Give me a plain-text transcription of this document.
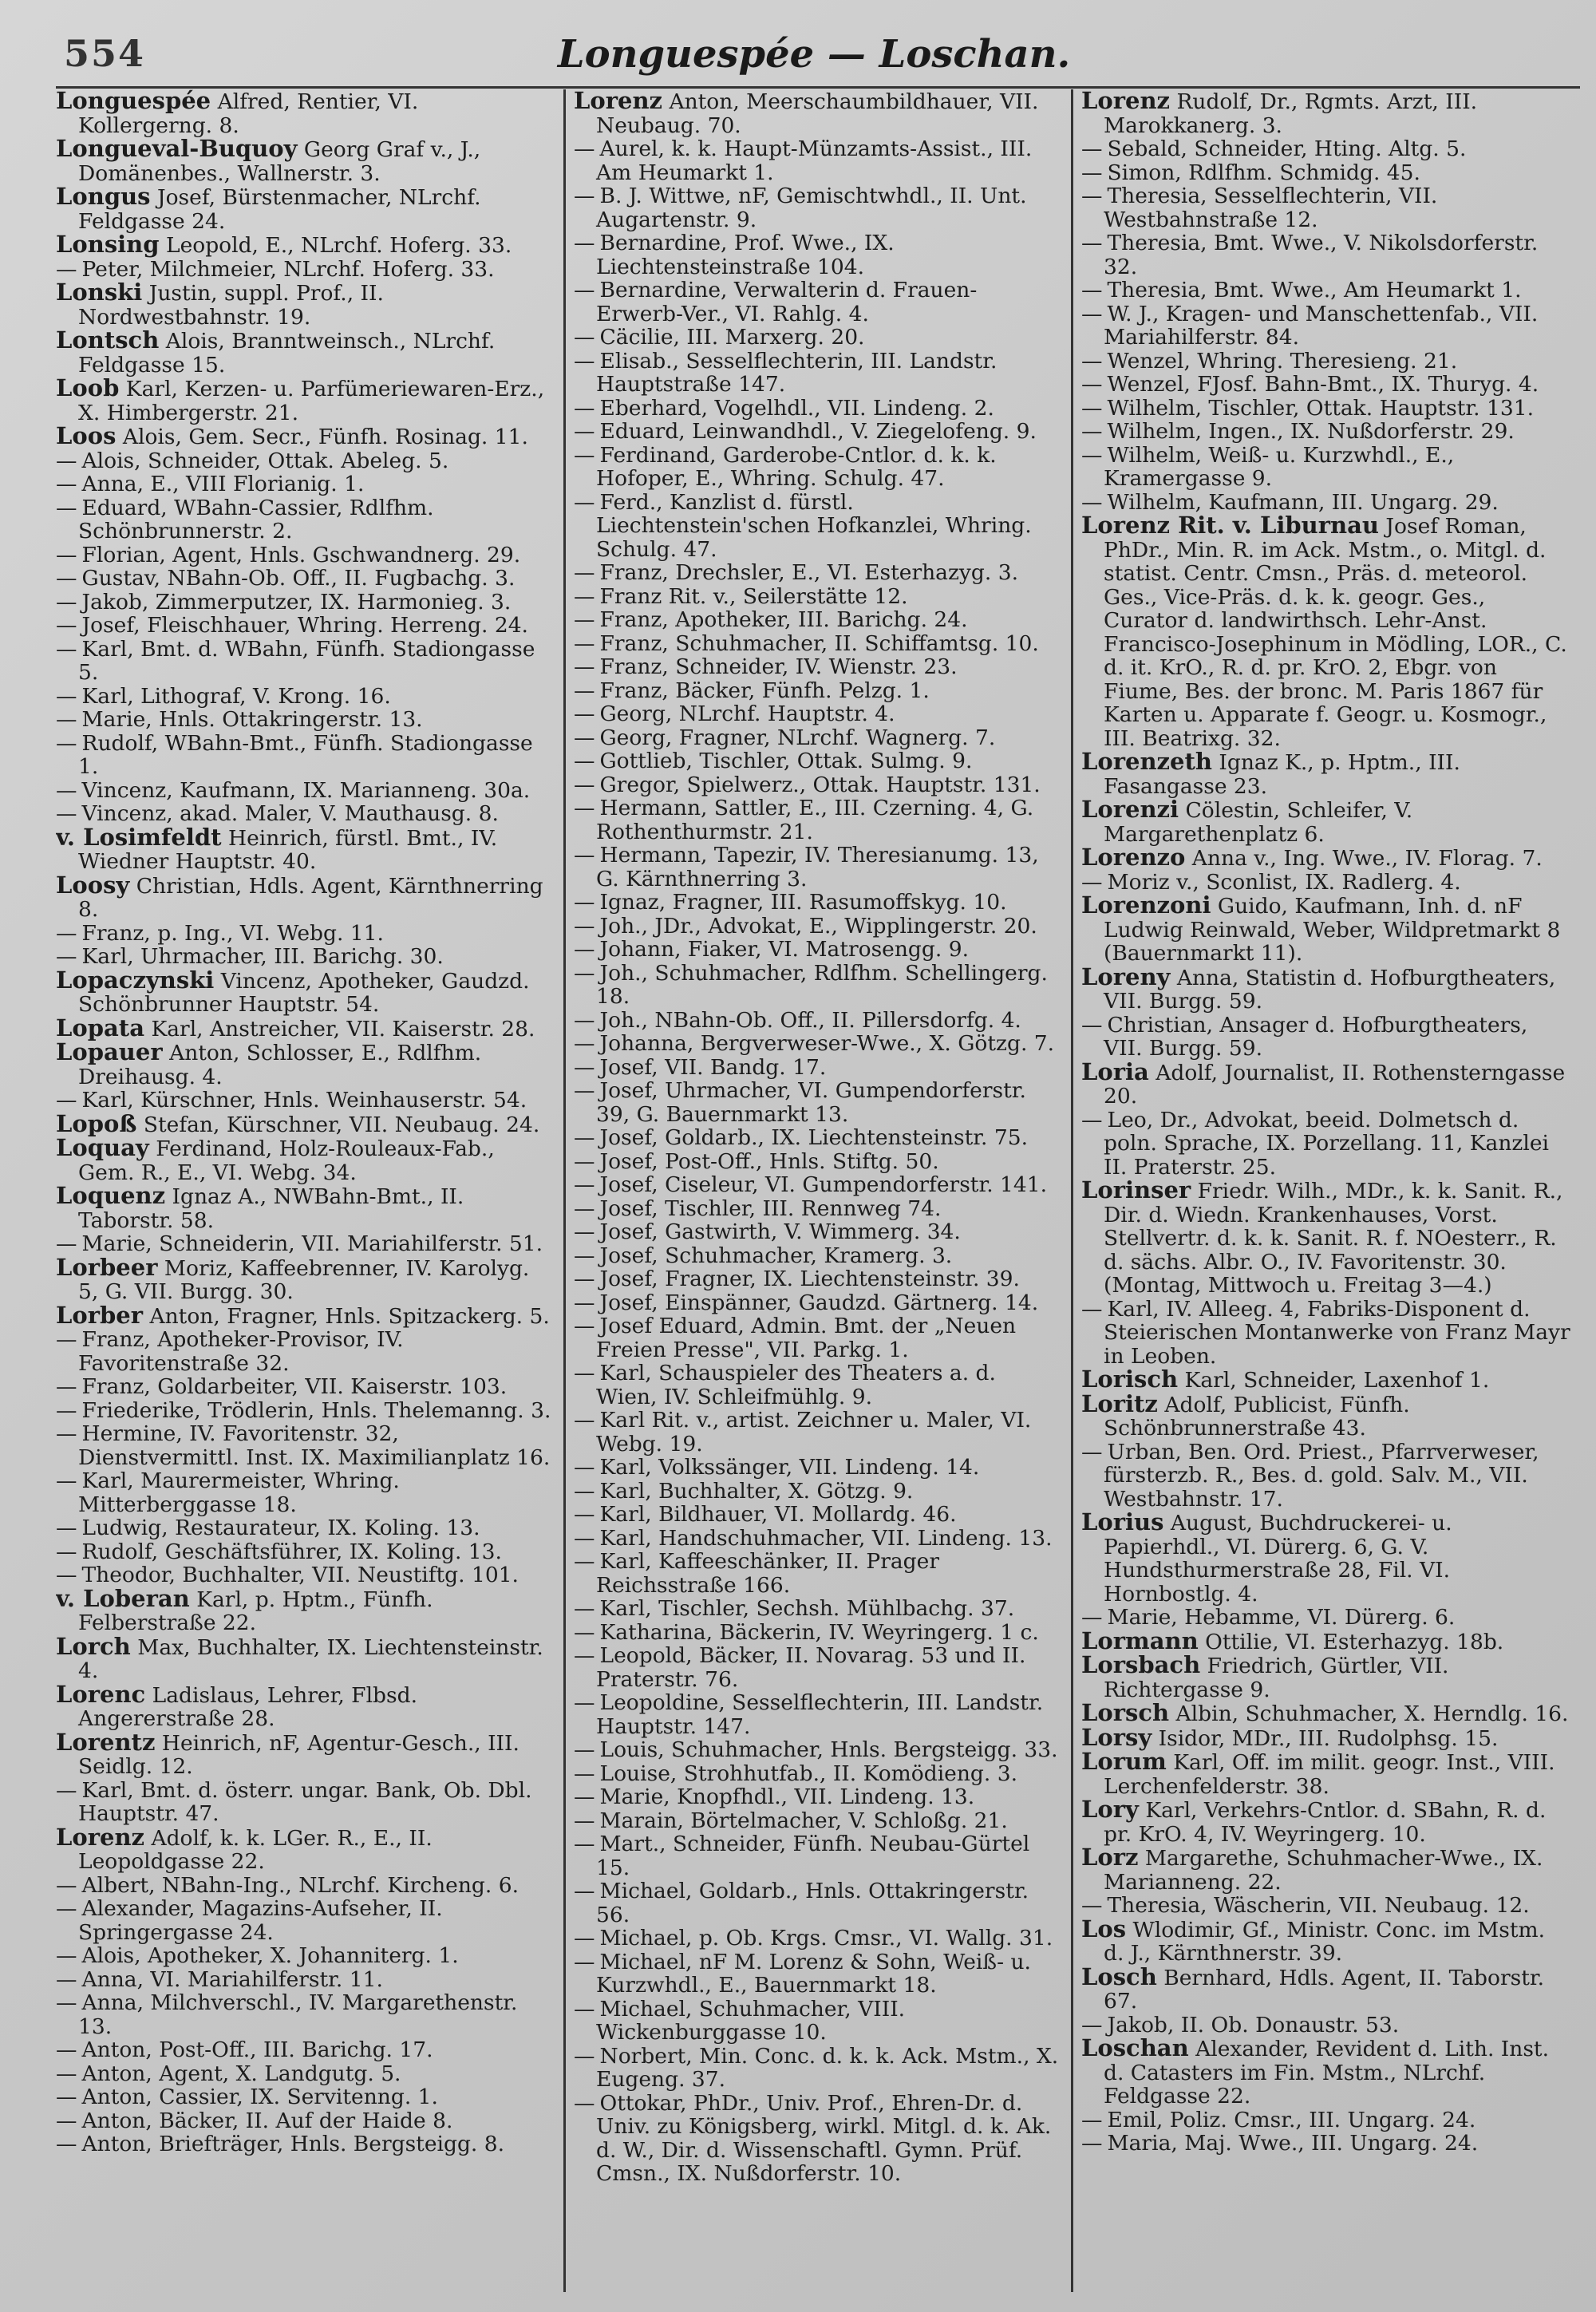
554	Longuespée — Loschan.

Longuespée Alfred, Rentier, VI. Kollergerng. 8.

Longueval-Buquoy Georg Graf v., J., Domänenbes., Wallnerstr. 3.

Longus Josef, Bürstenmacher, NLrchf. Feldgasse 24.

Lonsing Leopold, E., NLrchf. Hoferg. 33.

— Peter, Milchmeier, NLrchf. Hoferg. 33.

Lonski Justin, suppl. Prof., II. Nordwestbahnstr. 19.

Lontsch Alois, Branntweinsch., NLrchf. Feldgasse 15.

Loob Karl, Kerzen- u. Parfümeriewaren-Erz., X. Himbergerstr. 21.

Loos Alois, Gem. Secr., Fünfh. Rosinag. 11.

— Alois, Schneider, Ottak. Abeleg. 5.

— Anna, E., VIII Florianig. 1.

— Eduard, WBahn-Cassier, Rdlfhm. Schönbrunnerstr. 2.

— Florian, Agent, Hnls. Gschwandnerg. 29.

— Gustav, NBahn-Ob. Off., II. Fugbachg. 3.

— Jakob, Zimmerputzer, IX. Harmonieg. 3.

— Josef, Fleischhauer, Whring. Herreng. 24.

— Karl, Bmt. d. WBahn, Fünfh. Stadiongasse 5.

— Karl, Lithograf, V. Krong. 16.

— Marie, Hnls. Ottakringerstr. 13.

— Rudolf, WBahn-Bmt., Fünfh. Stadiongasse 1.

— Vincenz, Kaufmann, IX. Marianneng. 30a.

— Vincenz, akad. Maler, V. Mauthausg. 8.

v. Losimfeldt Heinrich, fürstl. Bmt., IV. Wiedner Hauptstr. 40.

Loosy Christian, Hdls. Agent, Kärnthnerring 8.

— Franz, p. Ing., VI. Webg. 11.

— Karl, Uhrmacher, III. Barichg. 30.

Lopaczynski Vincenz, Apotheker, Gaudzd. Schönbrunner Hauptstr. 54.

Lopata Karl, Anstreicher, VII. Kaiserstr. 28.

Lopauer Anton, Schlosser, E., Rdlfhm. Dreihausg. 4.

— Karl, Kürschner, Hnls. Weinhauserstr. 54.

Lopoß Stefan, Kürschner, VII. Neubaug. 24.

Loquay Ferdinand, Holz-Rouleaux-Fab., Gem. R., E., VI. Webg. 34.

Loquenz Ignaz A., NWBahn-Bmt., II. Taborstr. 58.

— Marie, Schneiderin, VII. Mariahilferstr. 51.

Lorbeer Moriz, Kaffeebrenner, IV. Karolyg. 5, G. VII. Burgg. 30.

Lorber Anton, Fragner, Hnls. Spitzackerg. 5.

— Franz, Apotheker-Provisor, IV. Favoritenstraße 32.

— Franz, Goldarbeiter, VII. Kaiserstr. 103.

— Friederike, Trödlerin, Hnls. Thelemanng. 3.

— Hermine, IV. Favoritenstr. 32, Dienstvermittl. Inst. IX. Maximilianplatz 16.

— Karl, Maurermeister, Whring. Mitterberggasse 18.

— Ludwig, Restaurateur, IX. Koling. 13.

— Rudolf, Geschäftsführer, IX. Koling. 13.

— Theodor, Buchhalter, VII. Neustiftg. 101.

v. Loberan Karl, p. Hptm., Fünfh. Felberstraße 22.

Lorch Max, Buchhalter, IX. Liechtensteinstr. 4.

Lorenc Ladislaus, Lehrer, Flbsd. Angererstraße 28.

Lorentz Heinrich, nF, Agentur-Gesch., III. Seidlg. 12.

— Karl, Bmt. d. österr. ungar. Bank, Ob. Dbl. Hauptstr. 47.

Lorenz Adolf, k. k. LGer. R., E., II. Leopoldgasse 22.

— Albert, NBahn-Ing., NLrchf. Kircheng. 6.

— Alexander, Magazins-Aufseher, II. Springergasse 24.

— Alois, Apotheker, X. Johanniterg. 1.

— Anna, VI. Mariahilferstr. 11.

— Anna, Milchverschl., IV. Margarethenstr. 13.

— Anton, Post-Off., III. Barichg. 17.

— Anton, Agent, X. Landgutg. 5.

— Anton, Cassier, IX. Servitenng. 1.

— Anton, Bäcker, II. Auf der Haide 8.

— Anton, Briefträger, Hnls. Bergsteigg. 8.

Lorenz Anton, Meerschaumbildhauer, VII. Neubaug. 70.

— Aurel, k. k. Haupt-Münzamts-Assist., III. Am Heumarkt 1.

— B. J. Wittwe, nF, Gemischtwhdl., II. Unt. Augartenstr. 9.

— Bernardine, Prof. Wwe., IX. Liechtensteinstraße 104.

— Bernardine, Verwalterin d. Frauen-Erwerb-Ver., VI. Rahlg. 4.

— Cäcilie, III. Marxerg. 20.

— Elisab., Sesselflechterin, III. Landstr. Hauptstraße 147.

— Eberhard, Vogelhdl., VII. Lindeng. 2.

— Eduard, Leinwandhdl., V. Ziegelofeng. 9.

— Ferdinand, Garderobe-Cntlor. d. k. k. Hofoper, E., Whring. Schulg. 47.

— Ferd., Kanzlist d. fürstl. Liechtenstein'schen Hofkanzlei, Whring. Schulg. 47.

— Franz, Drechsler, E., VI. Esterhazyg. 3.

— Franz Rit. v., Seilerstätte 12.

— Franz, Apotheker, III. Barichg. 24.

— Franz, Schuhmacher, II. Schiffamtsg. 10.

— Franz, Schneider, IV. Wienstr. 23.

— Franz, Bäcker, Fünfh. Pelzg. 1.

— Georg, NLrchf. Hauptstr. 4.

— Georg, Fragner, NLrchf. Wagnerg. 7.

— Gottlieb, Tischler, Ottak. Sulmg. 9.

— Gregor, Spielwerz., Ottak. Hauptstr. 131.

— Hermann, Sattler, E., III. Czerning. 4, G. Rothenthurmstr. 21.

— Hermann, Tapezir, IV. Theresianumg. 13, G. Kärnthnerring 3.

— Ignaz, Fragner, III. Rasumoffskyg. 10.

— Joh., JDr., Advokat, E., Wipplingerstr. 20.

— Johann, Fiaker, VI. Matrosengg. 9.

— Joh., Schuhmacher, Rdlfhm. Schellingerg. 18.

— Joh., NBahn-Ob. Off., II. Pillersdorfg. 4.

— Johanna, Bergverweser-Wwe., X. Götzg. 7.

— Josef, VII. Bandg. 17.

— Josef, Uhrmacher, VI. Gumpendorferstr. 39, G. Bauernmarkt 13.

— Josef, Goldarb., IX. Liechtensteinstr. 75.

— Josef, Post-Off., Hnls. Stiftg. 50.

— Josef, Ciseleur, VI. Gumpendorferstr. 141.

— Josef, Tischler, III. Rennweg 74.

— Josef, Gastwirth, V. Wimmerg. 34.

— Josef, Schuhmacher, Kramerg. 3.

— Josef, Fragner, IX. Liechtensteinstr. 39.

— Josef, Einspänner, Gaudzd. Gärtnerg. 14.

— Josef Eduard, Admin. Bmt. der „Neuen Freien Presse", VII. Parkg. 1.

— Karl, Schauspieler des Theaters a. d. Wien, IV. Schleifmühlg. 9.

— Karl Rit. v., artist. Zeichner u. Maler, VI. Webg. 19.

— Karl, Volkssänger, VII. Lindeng. 14.

— Karl, Buchhalter, X. Götzg. 9.

— Karl, Bildhauer, VI. Mollardg. 46.

— Karl, Handschuhmacher, VII. Lindeng. 13.

— Karl, Kaffeeschänker, II. Prager Reichsstraße 166.

— Karl, Tischler, Sechsh. Mühlbachg. 37.

— Katharina, Bäckerin, IV. Weyringerg. 1 c.

— Leopold, Bäcker, II. Novarag. 53 und II. Praterstr. 76.

— Leopoldine, Sesselflechterin, III. Landstr. Hauptstr. 147.

— Louis, Schuhmacher, Hnls. Bergsteigg. 33.

— Louise, Strohhutfab., II. Komödieng. 3.

— Marie, Knopfhdl., VII. Lindeng. 13.

— Marain, Börtelmacher, V. Schloßg. 21.

— Mart., Schneider, Fünfh. Neubau-Gürtel 15.

— Michael, Goldarb., Hnls. Ottakringerstr. 56.

— Michael, p. Ob. Krgs. Cmsr., VI. Wallg. 31.

— Michael, nF M. Lorenz & Sohn, Weiß- u. Kurzwhdl., E., Bauernmarkt 18.

— Michael, Schuhmacher, VIII. Wickenburggasse 10.

— Norbert, Min. Conc. d. k. k. Ack. Mstm., X. Eugeng. 37.

— Ottokar, PhDr., Univ. Prof., Ehren-Dr. d. Univ. zu Königsberg, wirkl. Mitgl. d. k. Ak. d. W., Dir. d. Wissenschaftl. Gymn. Prüf. Cmsn., IX. Nußdorferstr. 10.

Lorenz Rudolf, Dr., Rgmts. Arzt, III. Marokkanerg. 3.

— Sebald, Schneider, Hting. Altg. 5.

— Simon, Rdlfhm. Schmidg. 45.

— Theresia, Sesselflechterin, VII. Westbahnstraße 12.

— Theresia, Bmt. Wwe., V. Nikolsdorferstr. 32.

— Theresia, Bmt. Wwe., Am Heumarkt 1.

— W. J., Kragen- und Manschettenfab., VII. Mariahilferstr. 84.

— Wenzel, Whring. Theresieng. 21.

— Wenzel, FJosf. Bahn-Bmt., IX. Thuryg. 4.

— Wilhelm, Tischler, Ottak. Hauptstr. 131.

— Wilhelm, Ingen., IX. Nußdorferstr. 29.

— Wilhelm, Weiß- u. Kurzwhdl., E., Kramergasse 9.

— Wilhelm, Kaufmann, III. Ungarg. 29.

Lorenz Rit. v. Liburnau Josef Roman, PhDr., Min. R. im Ack. Mstm., o. Mitgl. d. statist. Centr. Cmsn., Präs. d. meteorol. Ges., Vice-Präs. d. k. k. geogr. Ges., Curator d. landwirthsch. Lehr-Anst. Francisco-Josephinum in Mödling, LOR., C. d. it. KrO., R. d. pr. KrO. 2, Ebgr. von Fiume, Bes. der bronc. M. Paris 1867 für Karten u. Apparate f. Geogr. u. Kosmogr., III. Beatrixg. 32.

Lorenzeth Ignaz K., p. Hptm., III. Fasangasse 23.

Lorenzi Cölestin, Schleifer, V. Margarethenplatz 6.

Lorenzo Anna v., Ing. Wwe., IV. Florag. 7.

— Moriz v., Sconlist, IX. Radlerg. 4.

Lorenzoni Guido, Kaufmann, Inh. d. nF Ludwig Reinwald, Weber, Wildpretmarkt 8 (Bauernmarkt 11).

Loreny Anna, Statistin d. Hofburgtheaters, VII. Burgg. 59.

— Christian, Ansager d. Hofburgtheaters, VII. Burgg. 59.

Loria Adolf, Journalist, II. Rothensterngasse 20.

— Leo, Dr., Advokat, beeid. Dolmetsch d. poln. Sprache, IX. Porzellang. 11, Kanzlei II. Praterstr. 25.

Lorinser Friedr. Wilh., MDr., k. k. Sanit. R., Dir. d. Wiedn. Krankenhauses, Vorst. Stellvertr. d. k. k. Sanit. R. f. NOesterr., R. d. sächs. Albr. O., IV. Favoritenstr. 30. (Montag, Mittwoch u. Freitag 3—4.)

— Karl, IV. Alleeg. 4, Fabriks-Disponent d. Steierischen Montanwerke von Franz Mayr in Leoben.

Lorisch Karl, Schneider, Laxenhof 1.

Loritz Adolf, Publicist, Fünfh. Schönbrunnerstraße 43.

— Urban, Ben. Ord. Priest., Pfarrverweser, fürsterzb. R., Bes. d. gold. Salv. M., VII. Westbahnstr. 17.

Lorius August, Buchdruckerei- u. Papierhdl., VI. Dürerg. 6, G. V. Hundsthurmerstraße 28, Fil. VI. Hornbostlg. 4.

— Marie, Hebamme, VI. Dürerg. 6.

Lormann Ottilie, VI. Esterhazyg. 18b.

Lorsbach Friedrich, Gürtler, VII. Richtergasse 9.

Lorsch Albin, Schuhmacher, X. Herndlg. 16.

Lorsy Isidor, MDr., III. Rudolphsg. 15.

Lorum Karl, Off. im milit. geogr. Inst., VIII. Lerchenfelderstr. 38.

Lory Karl, Verkehrs-Cntlor. d. SBahn, R. d. pr. KrO. 4, IV. Weyringerg. 10.

Lorz Margarethe, Schuhmacher-Wwe., IX. Marianneng. 22.

— Theresia, Wäscherin, VII. Neubaug. 12.

Los Wlodimir, Gf., Ministr. Conc. im Mstm. d. J., Kärnthnerstr. 39.

Losch Bernhard, Hdls. Agent, II. Taborstr. 67.

— Jakob, II. Ob. Donaustr. 53.

Loschan Alexander, Revident d. Lith. Inst. d. Catasters im Fin. Mstm., NLrchf. Feldgasse 22.

— Emil, Poliz. Cmsr., III. Ungarg. 24.

— Maria, Maj. Wwe., III. Ungarg. 24.
